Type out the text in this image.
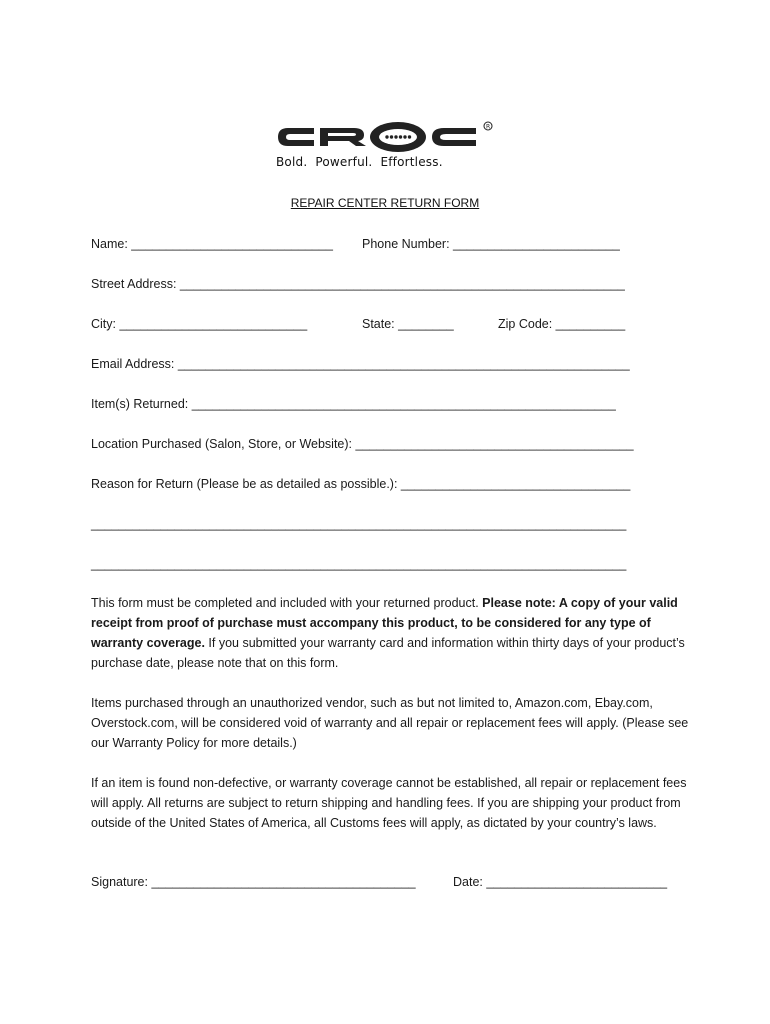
R
Bold.  Powerful.  Effortless.
REPAIR CENTER RETURN FORM
Name: _____________________________ Phone Number: ________________________
Street Address: ________________________________________________________________
City: ___________________________	State: ________	Zip Code: __________
Email Address: _________________________________________________________________
Item(s) Returned: _____________________________________________________________
Location Purchased (Salon, Store, or Website): ________________________________________
Reason for Return (Please be as detailed as possible.): _________________________________
_____________________________________________________________________________
_____________________________________________________________________________
This form must be completed and included with your returned product. Please note: A copy of your valid receipt from proof of purchase must accompany this product, to be considered for any type of warranty coverage. If you submitted your warranty card and information within thirty days of your product’s purchase date, please note that on this form.
Items purchased through an unauthorized vendor, such as but not limited to, Amazon.com, Ebay.com, Overstock.com, will be considered void of warranty and all repair or replacement fees will apply. (Please see our Warranty Policy for more details.)
If an item is found non-defective, or warranty coverage cannot be established, all repair or replacement fees will apply. All returns are subject to return shipping and handling fees. If you are shipping your product from outside of the United States of America, all Customs fees will apply, as dictated by your country’s laws.
Signature: ______________________________________	Date: __________________________
